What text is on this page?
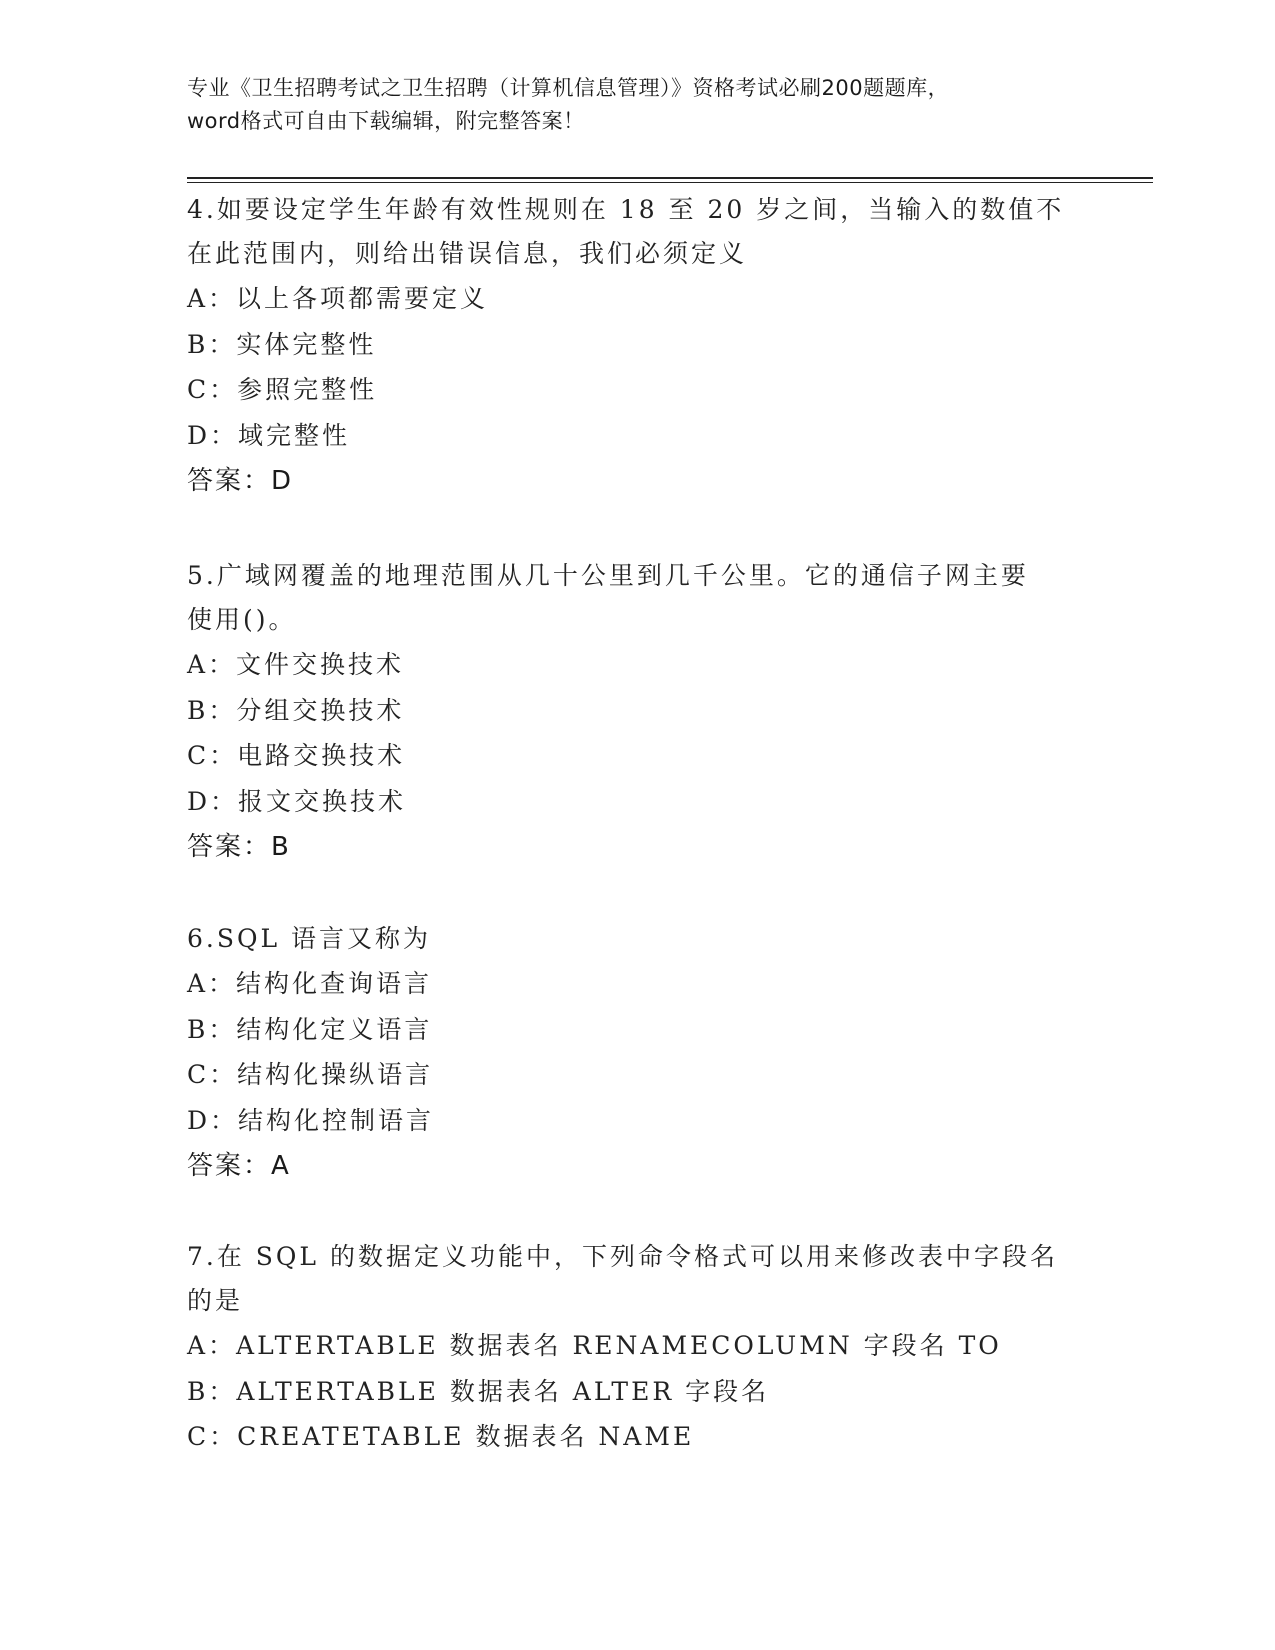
专业《卫生招聘考试之卫生招聘（计算机信息管理）》资格考试必刷200题题库，
word格式可自由下载编辑，附完整答案！

4.如要设定学生年龄有效性规则在 18 至 20 岁之间，当输入的数值不

在此范围内，则给出错误信息，我们必须定义

A：以上各项都需要定义

B：实体完整性

C：参照完整性

D：域完整性

答案：D

5.广域网覆盖的地理范围从几十公里到几千公里。它的通信子网主要

使用()。

A：文件交换技术

B：分组交换技术

C：电路交换技术

D：报文交换技术

答案：B

6.SQL 语言又称为

A：结构化查询语言

B：结构化定义语言

C：结构化操纵语言

D：结构化控制语言

答案：A

7.在 SQL 的数据定义功能中，下列命令格式可以用来修改表中字段名

的是

A：ALTERTABLE 数据表名 RENAMECOLUMN 字段名 TO

B：ALTERTABLE 数据表名 ALTER 字段名

C：CREATETABLE 数据表名 NAME
